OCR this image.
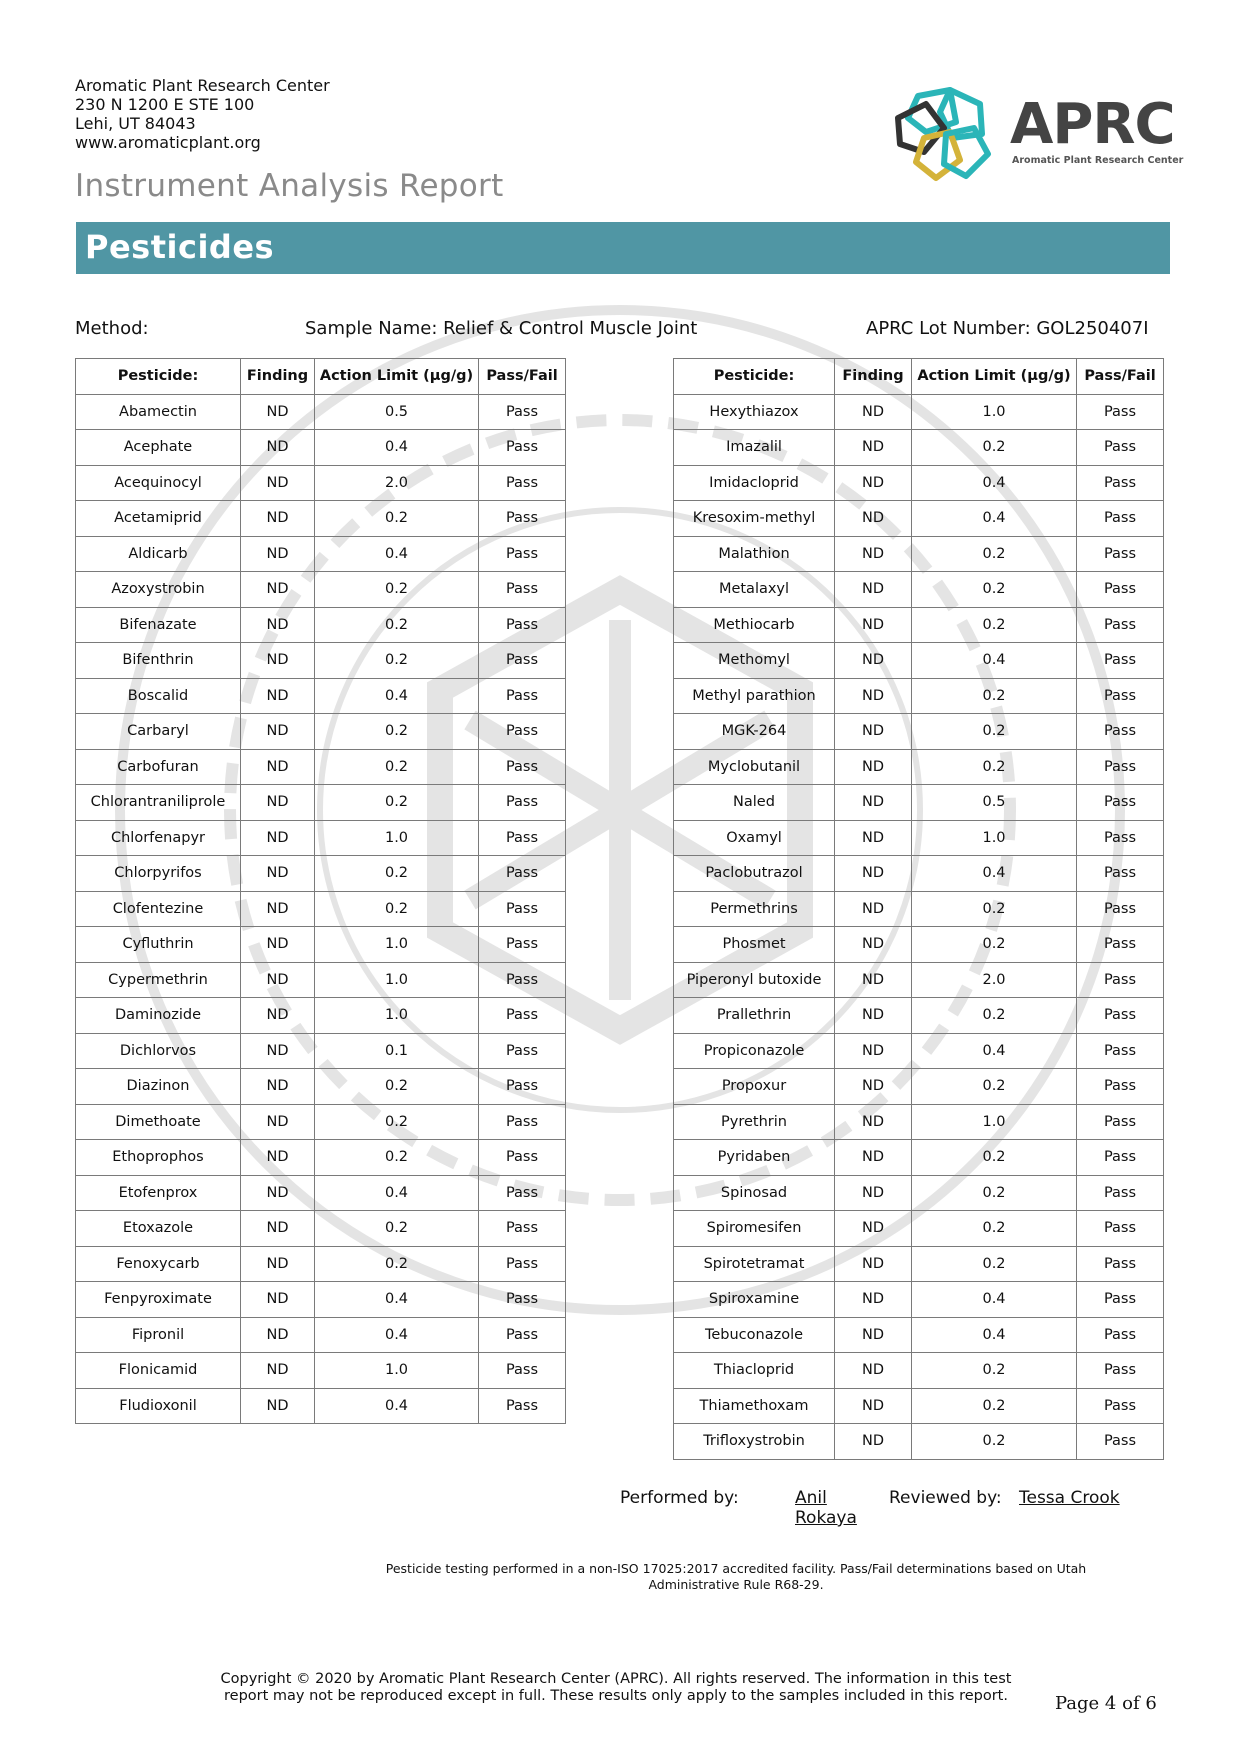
Aromatic Plant Research Center
230 N 1200 E STE 100
Lehi, UT 84043
www.aromaticplant.org	APRC
Aromatic Plant Research Center
Instrument Analysis Report
Pesticides
Method:	Sample Name: Relief & Control Muscle Joint	APRC Lot Number: GOL250407I
Pesticide:	Finding	Action Limit (µg/g)	Pass/Fail
Abamectin	ND	0.5	Pass
Acephate	ND	0.4	Pass
Acequinocyl	ND	2.0	Pass
Acetamiprid	ND	0.2	Pass
Aldicarb	ND	0.4	Pass
Azoxystrobin	ND	0.2	Pass
Bifenazate	ND	0.2	Pass
Bifenthrin	ND	0.2	Pass
Boscalid	ND	0.4	Pass
Carbaryl	ND	0.2	Pass
Carbofuran	ND	0.2	Pass
Chlorantraniliprole	ND	0.2	Pass
Chlorfenapyr	ND	1.0	Pass
Chlorpyrifos	ND	0.2	Pass
Clofentezine	ND	0.2	Pass
Cyfluthrin	ND	1.0	Pass
Cypermethrin	ND	1.0	Pass
Daminozide	ND	1.0	Pass
Dichlorvos	ND	0.1	Pass
Diazinon	ND	0.2	Pass
Dimethoate	ND	0.2	Pass
Ethoprophos	ND	0.2	Pass
Etofenprox	ND	0.4	Pass
Etoxazole	ND	0.2	Pass
Fenoxycarb	ND	0.2	Pass
Fenpyroximate	ND	0.4	Pass
Fipronil	ND	0.4	Pass
Flonicamid	ND	1.0	Pass
Fludioxonil	ND	0.4	Pass
Pesticide:	Finding	Action Limit (µg/g)	Pass/Fail
Hexythiazox	ND	1.0	Pass
Imazalil	ND	0.2	Pass
Imidacloprid	ND	0.4	Pass
Kresoxim-methyl	ND	0.4	Pass
Malathion	ND	0.2	Pass
Metalaxyl	ND	0.2	Pass
Methiocarb	ND	0.2	Pass
Methomyl	ND	0.4	Pass
Methyl parathion	ND	0.2	Pass
MGK-264	ND	0.2	Pass
Myclobutanil	ND	0.2	Pass
Naled	ND	0.5	Pass
Oxamyl	ND	1.0	Pass
Paclobutrazol	ND	0.4	Pass
Permethrins	ND	0.2	Pass
Phosmet	ND	0.2	Pass
Piperonyl butoxide	ND	2.0	Pass
Prallethrin	ND	0.2	Pass
Propiconazole	ND	0.4	Pass
Propoxur	ND	0.2	Pass
Pyrethrin	ND	1.0	Pass
Pyridaben	ND	0.2	Pass
Spinosad	ND	0.2	Pass
Spiromesifen	ND	0.2	Pass
Spirotetramat	ND	0.2	Pass
Spiroxamine	ND	0.4	Pass
Tebuconazole	ND	0.4	Pass
Thiacloprid	ND	0.2	Pass
Thiamethoxam	ND	0.2	Pass
Trifloxystrobin	ND	0.2	Pass
Performed by:	Anil
Rokaya
Reviewed by: Tessa Crook
Pesticide testing performed in a non-ISO 17025:2017 accredited facility. Pass/Fail determinations based on Utah Administrative Rule R68-29.
Copyright © 2020 by Aromatic Plant Research Center (APRC). All rights reserved. The information in this test
report may not be reproduced except in full. These results only apply to the samples included in this report.	Page 4 of 6
